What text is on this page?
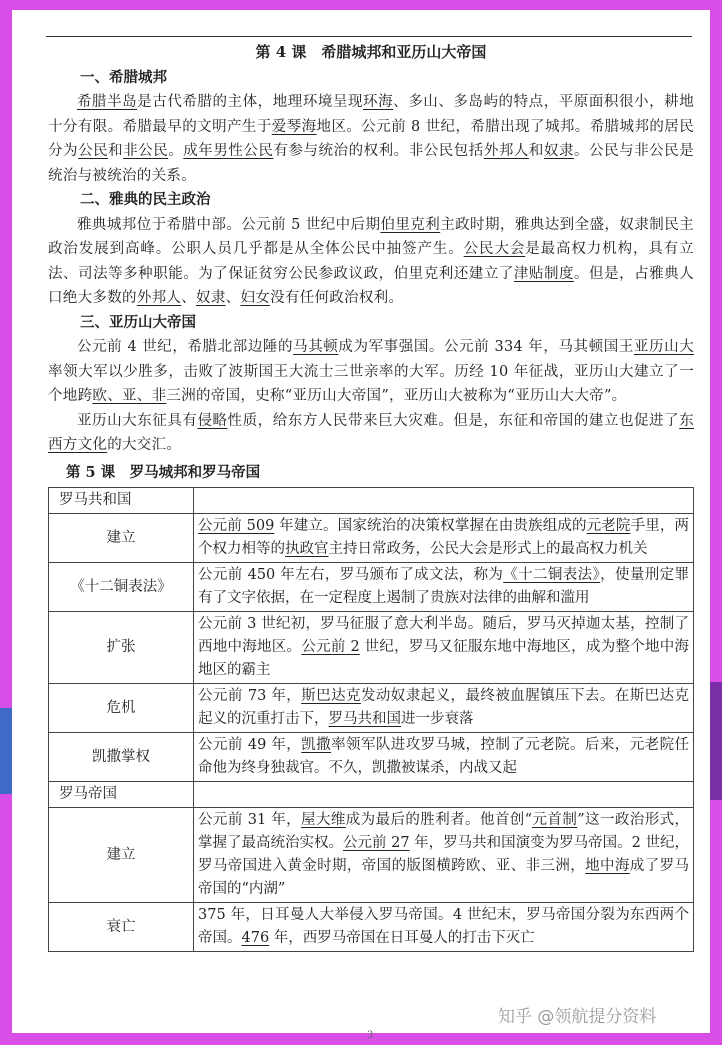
第 4 课　希腊城邦和亚历山大帝国

一、希腊城邦

希腊半岛是古代希腊的主体，地理环境呈现环海、多山、多岛屿的特点，平原面积很小，耕地十分有限。希腊最早的文明产生于爱琴海地区。公元前 8 世纪，希腊出现了城邦。希腊城邦的居民分为公民和非公民。成年男性公民有参与统治的权利。非公民包括外邦人和奴隶。公民与非公民是统治与被统治的关系。

二、雅典的民主政治

雅典城邦位于希腊中部。公元前 5 世纪中后期伯里克利主政时期，雅典达到全盛，奴隶制民主政治发展到高峰。公职人员几乎都是从全体公民中抽签产生。公民大会是最高权力机构，具有立法、司法等多种职能。为了保证贫穷公民参政议政，伯里克利还建立了津贴制度。但是，占雅典人口绝大多数的外邦人、奴隶、妇女没有任何政治权利。

三、亚历山大帝国

公元前 4 世纪，希腊北部边陲的马其顿成为军事强国。公元前 334 年，马其顿国王亚历山大率领大军以少胜多，击败了波斯国王大流士三世亲率的大军。历经 10 年征战，亚历山大建立了一个地跨欧、亚、非三洲的帝国，史称“亚历山大帝国”，亚历山大被称为“亚历山大大帝”。

亚历山大东征具有侵略性质，给东方人民带来巨大灾难。但是，东征和帝国的建立也促进了东西方文化的大交汇。

第 5 课　罗马城邦和罗马帝国

罗马共和国	
建立	公元前 509 年建立。国家统治的决策权掌握在由贵族组成的元老院手里，两个权力相等的执政官主持日常政务，公民大会是形式上的最高权力机关
《十二铜表法》	公元前 450 年左右，罗马颁布了成文法，称为《十二铜表法》，使量刑定罪有了文字依据，在一定程度上遏制了贵族对法律的曲解和滥用
扩张	公元前 3 世纪初，罗马征服了意大利半岛。随后，罗马灭掉迦太基，控制了西地中海地区。公元前 2 世纪，罗马又征服东地中海地区，成为整个地中海地区的霸主
危机	公元前 73 年，斯巴达克发动奴隶起义，最终被血腥镇压下去。在斯巴达克起义的沉重打击下，罗马共和国进一步衰落
凯撒掌权	公元前 49 年，凯撒率领军队进攻罗马城，控制了元老院。后来，元老院任命他为终身独裁官。不久，凯撒被谋杀，内战又起
罗马帝国	
建立	公元前 31 年，屋大维成为最后的胜利者。他首创“元首制”这一政治形式，掌握了最高统治实权。公元前 27 年，罗马共和国演变为罗马帝国。2 世纪，罗马帝国进入黄金时期，帝国的版图横跨欧、亚、非三洲，地中海成了罗马帝国的“内湖”
衰亡	375 年，日耳曼人大举侵入罗马帝国。4 世纪末，罗马帝国分裂为东西两个帝国。476 年，西罗马帝国在日耳曼人的打击下灭亡
3
知乎 @领航提分资料
